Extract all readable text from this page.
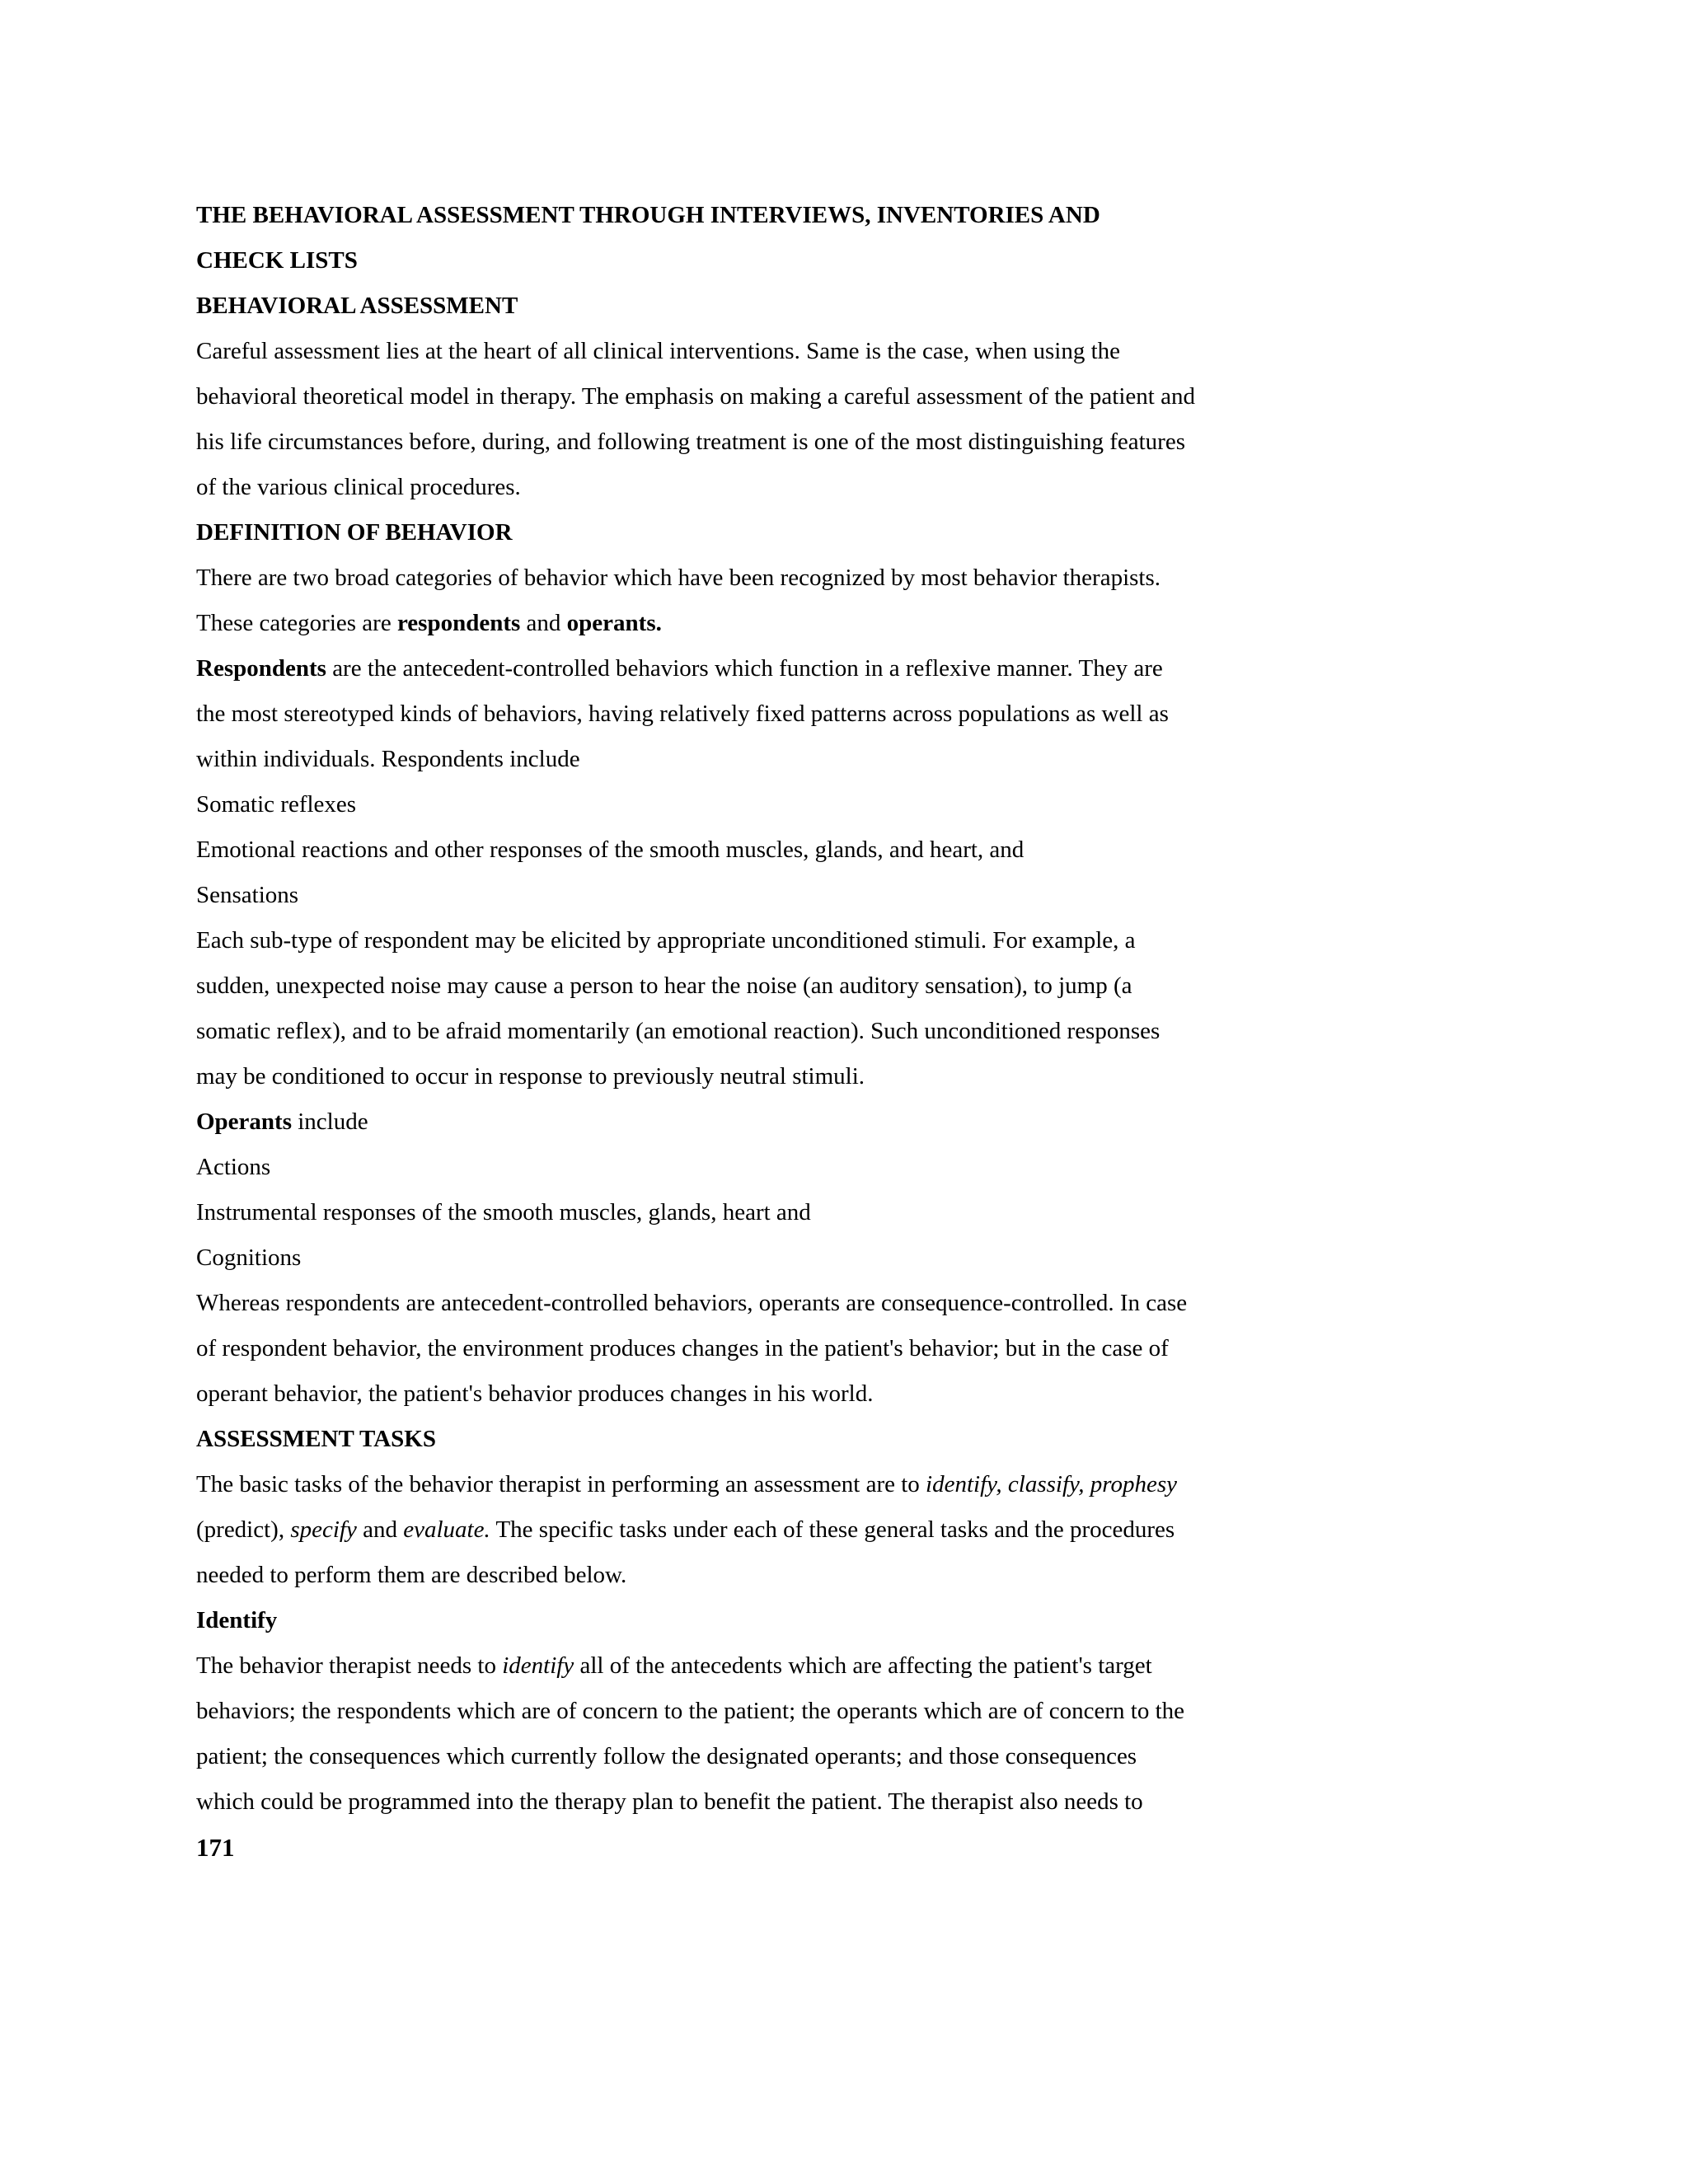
THE BEHAVIORAL ASSESSMENT THROUGH INTERVIEWS, INVENTORIES AND
CHECK LISTS
BEHAVIORAL ASSESSMENT
Careful assessment lies at the heart of all clinical interventions. Same is the case, when using the
behavioral theoretical model in therapy. The emphasis on making a careful assessment of the patient and
his life circumstances before, during, and following treatment is one of the most distinguishing features
of the various clinical procedures.
DEFINITION OF BEHAVIOR
There are two broad categories of behavior which have been recognized by most behavior therapists.
These categories are respondents and operants.
Respondents are the antecedent-controlled behaviors which function in a reflexive manner. They are
the most stereotyped kinds of behaviors, having relatively fixed patterns across populations as well as
within individuals. Respondents include
Somatic reflexes
Emotional reactions and other responses of the smooth muscles, glands, and heart, and
Sensations
Each sub-type of respondent may be elicited by appropriate unconditioned stimuli. For example, a
sudden, unexpected noise may cause a person to hear the noise (an auditory sensation), to jump (a
somatic reflex), and to be afraid momentarily (an emotional reaction). Such unconditioned responses
may be conditioned to occur in response to previously neutral stimuli.
Operants include
Actions
Instrumental responses of the smooth muscles, glands, heart and
Cognitions
Whereas respondents are antecedent-controlled behaviors, operants are consequence-controlled. In case
of respondent behavior, the environment produces changes in the patient's behavior; but in the case of
operant behavior, the patient's behavior produces changes in his world.
ASSESSMENT TASKS
The basic tasks of the behavior therapist in performing an assessment are to identify, classify, prophesy
(predict), specify and evaluate. The specific tasks under each of these general tasks and the procedures
needed to perform them are described below.
Identify
The behavior therapist needs to identify all of the antecedents which are affecting the patient's target
behaviors; the respondents which are of concern to the patient; the operants which are of concern to the
patient; the consequences which currently follow the designated operants; and those consequences
which could be programmed into the therapy plan to benefit the patient. The therapist also needs to
171
